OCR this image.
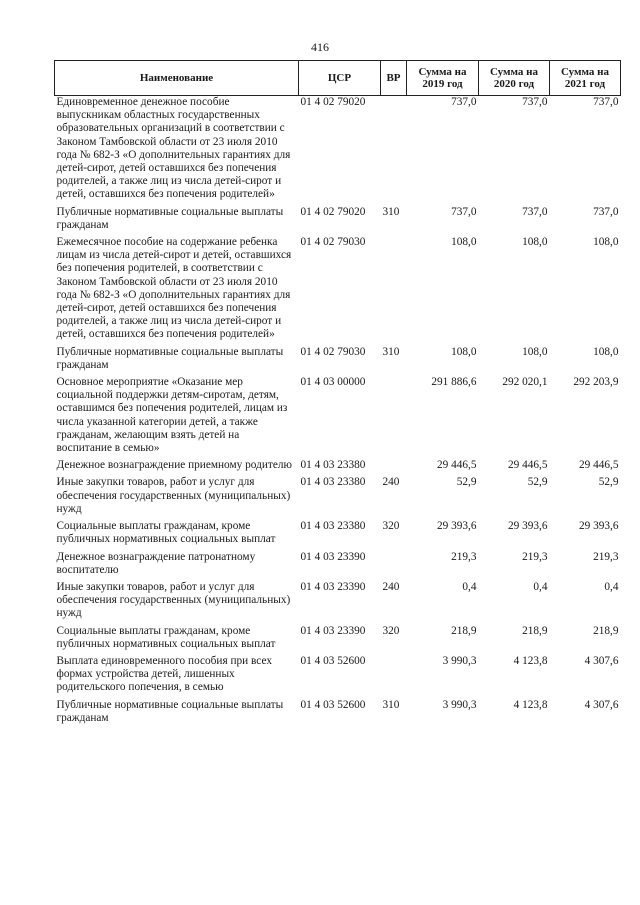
416
Наименование	ЦСР	ВР	Сумма на 2019 год	Сумма на 2020 год	Сумма на 2021 год
Единовременное денежное пособие выпускникам областных государственных образовательных организаций в соответствии с Законом Тамбовской области от 23 июля 2010 года № 682-З «О дополнительных гарантиях для детей-сирот, детей оставшихся без попечения родителей, а также лиц из числа детей-сирот и детей, оставшихся без попечения родителей»	01 4 02 79020		737,0	737,0	737,0
Публичные нормативные социальные выплаты гражданам	01 4 02 79020	310	737,0	737,0	737,0
Ежемесячное пособие на содержание ребенка лицам из числа детей-сирот и детей, оставшихся без попечения родителей, в соответствии с Законом Тамбовской области от 23 июля 2010 года № 682-З «О дополнительных гарантиях для детей-сирот, детей оставшихся без попечения родителей, а также лиц из числа детей-сирот и детей, оставшихся без попечения родителей»	01 4 02 79030		108,0	108,0	108,0
Публичные нормативные социальные выплаты гражданам	01 4 02 79030	310	108,0	108,0	108,0
Основное мероприятие «Оказание мер социальной поддержки детям-сиротам, детям, оставшимся без попечения родителей, лицам из числа указанной категории детей, а также гражданам, желающим взять детей на воспитание в семью»	01 4 03 00000		291 886,6	292 020,1	292 203,9
Денежное вознаграждение приемному родителю	01 4 03 23380		29 446,5	29 446,5	29 446,5
Иные закупки товаров, работ и услуг для обеспечения государственных (муниципальных) нужд	01 4 03 23380	240	52,9	52,9	52,9
Социальные выплаты гражданам, кроме публичных нормативных социальных выплат	01 4 03 23380	320	29 393,6	29 393,6	29 393,6
Денежное вознаграждение патронатному воспитателю	01 4 03 23390		219,3	219,3	219,3
Иные закупки товаров, работ и услуг для обеспечения государственных (муниципальных) нужд	01 4 03 23390	240	0,4	0,4	0,4
Социальные выплаты гражданам, кроме публичных нормативных социальных выплат	01 4 03 23390	320	218,9	218,9	218,9
Выплата единовременного пособия при всех формах устройства детей, лишенных родительского попечения, в семью	01 4 03 52600		3 990,3	4 123,8	4 307,6
Публичные нормативные социальные выплаты гражданам	01 4 03 52600	310	3 990,3	4 123,8	4 307,6
